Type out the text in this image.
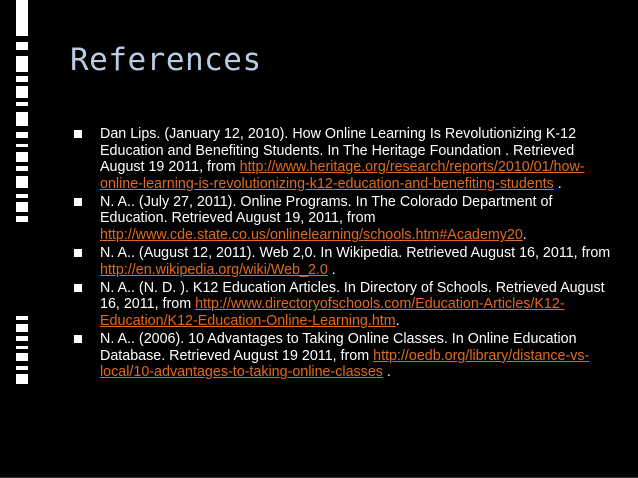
References
Dan Lips. (January 12, 2010). How Online Learning Is Revolutionizing K-12 Education and Benefiting Students. In The Heritage Foundation . Retrieved August 19 2011, from http://www.heritage.org/research/reports/2010/01/how-online-learning-is-revolutionizing-k12-education-and-benefiting-students .
N. A.. (July 27, 2011). Online Programs. In The Colorado Department of Education. Retrieved August 19, 2011, from http://www.cde.state.co.us/onlinelearning/schools.htm#Academy20.
N. A.. (August 12, 2011). Web 2,0. In Wikipedia. Retrieved August 16, 2011, from http://en.wikipedia.org/wiki/Web_2.0 .
N. A.. (N. D. ). K12 Education Articles. In Directory of Schools. Retrieved August 16, 2011, from http://www.directoryofschools.com/Education-Articles/K12-Education/K12-Education-Online-Learning.htm.
N. A.. (2006). 10 Advantages to Taking Online Classes. In Online Education Database. Retrieved August 19 2011, from http://oedb.org/library/distance-vs-local/10-advantages-to-taking-online-classes .
